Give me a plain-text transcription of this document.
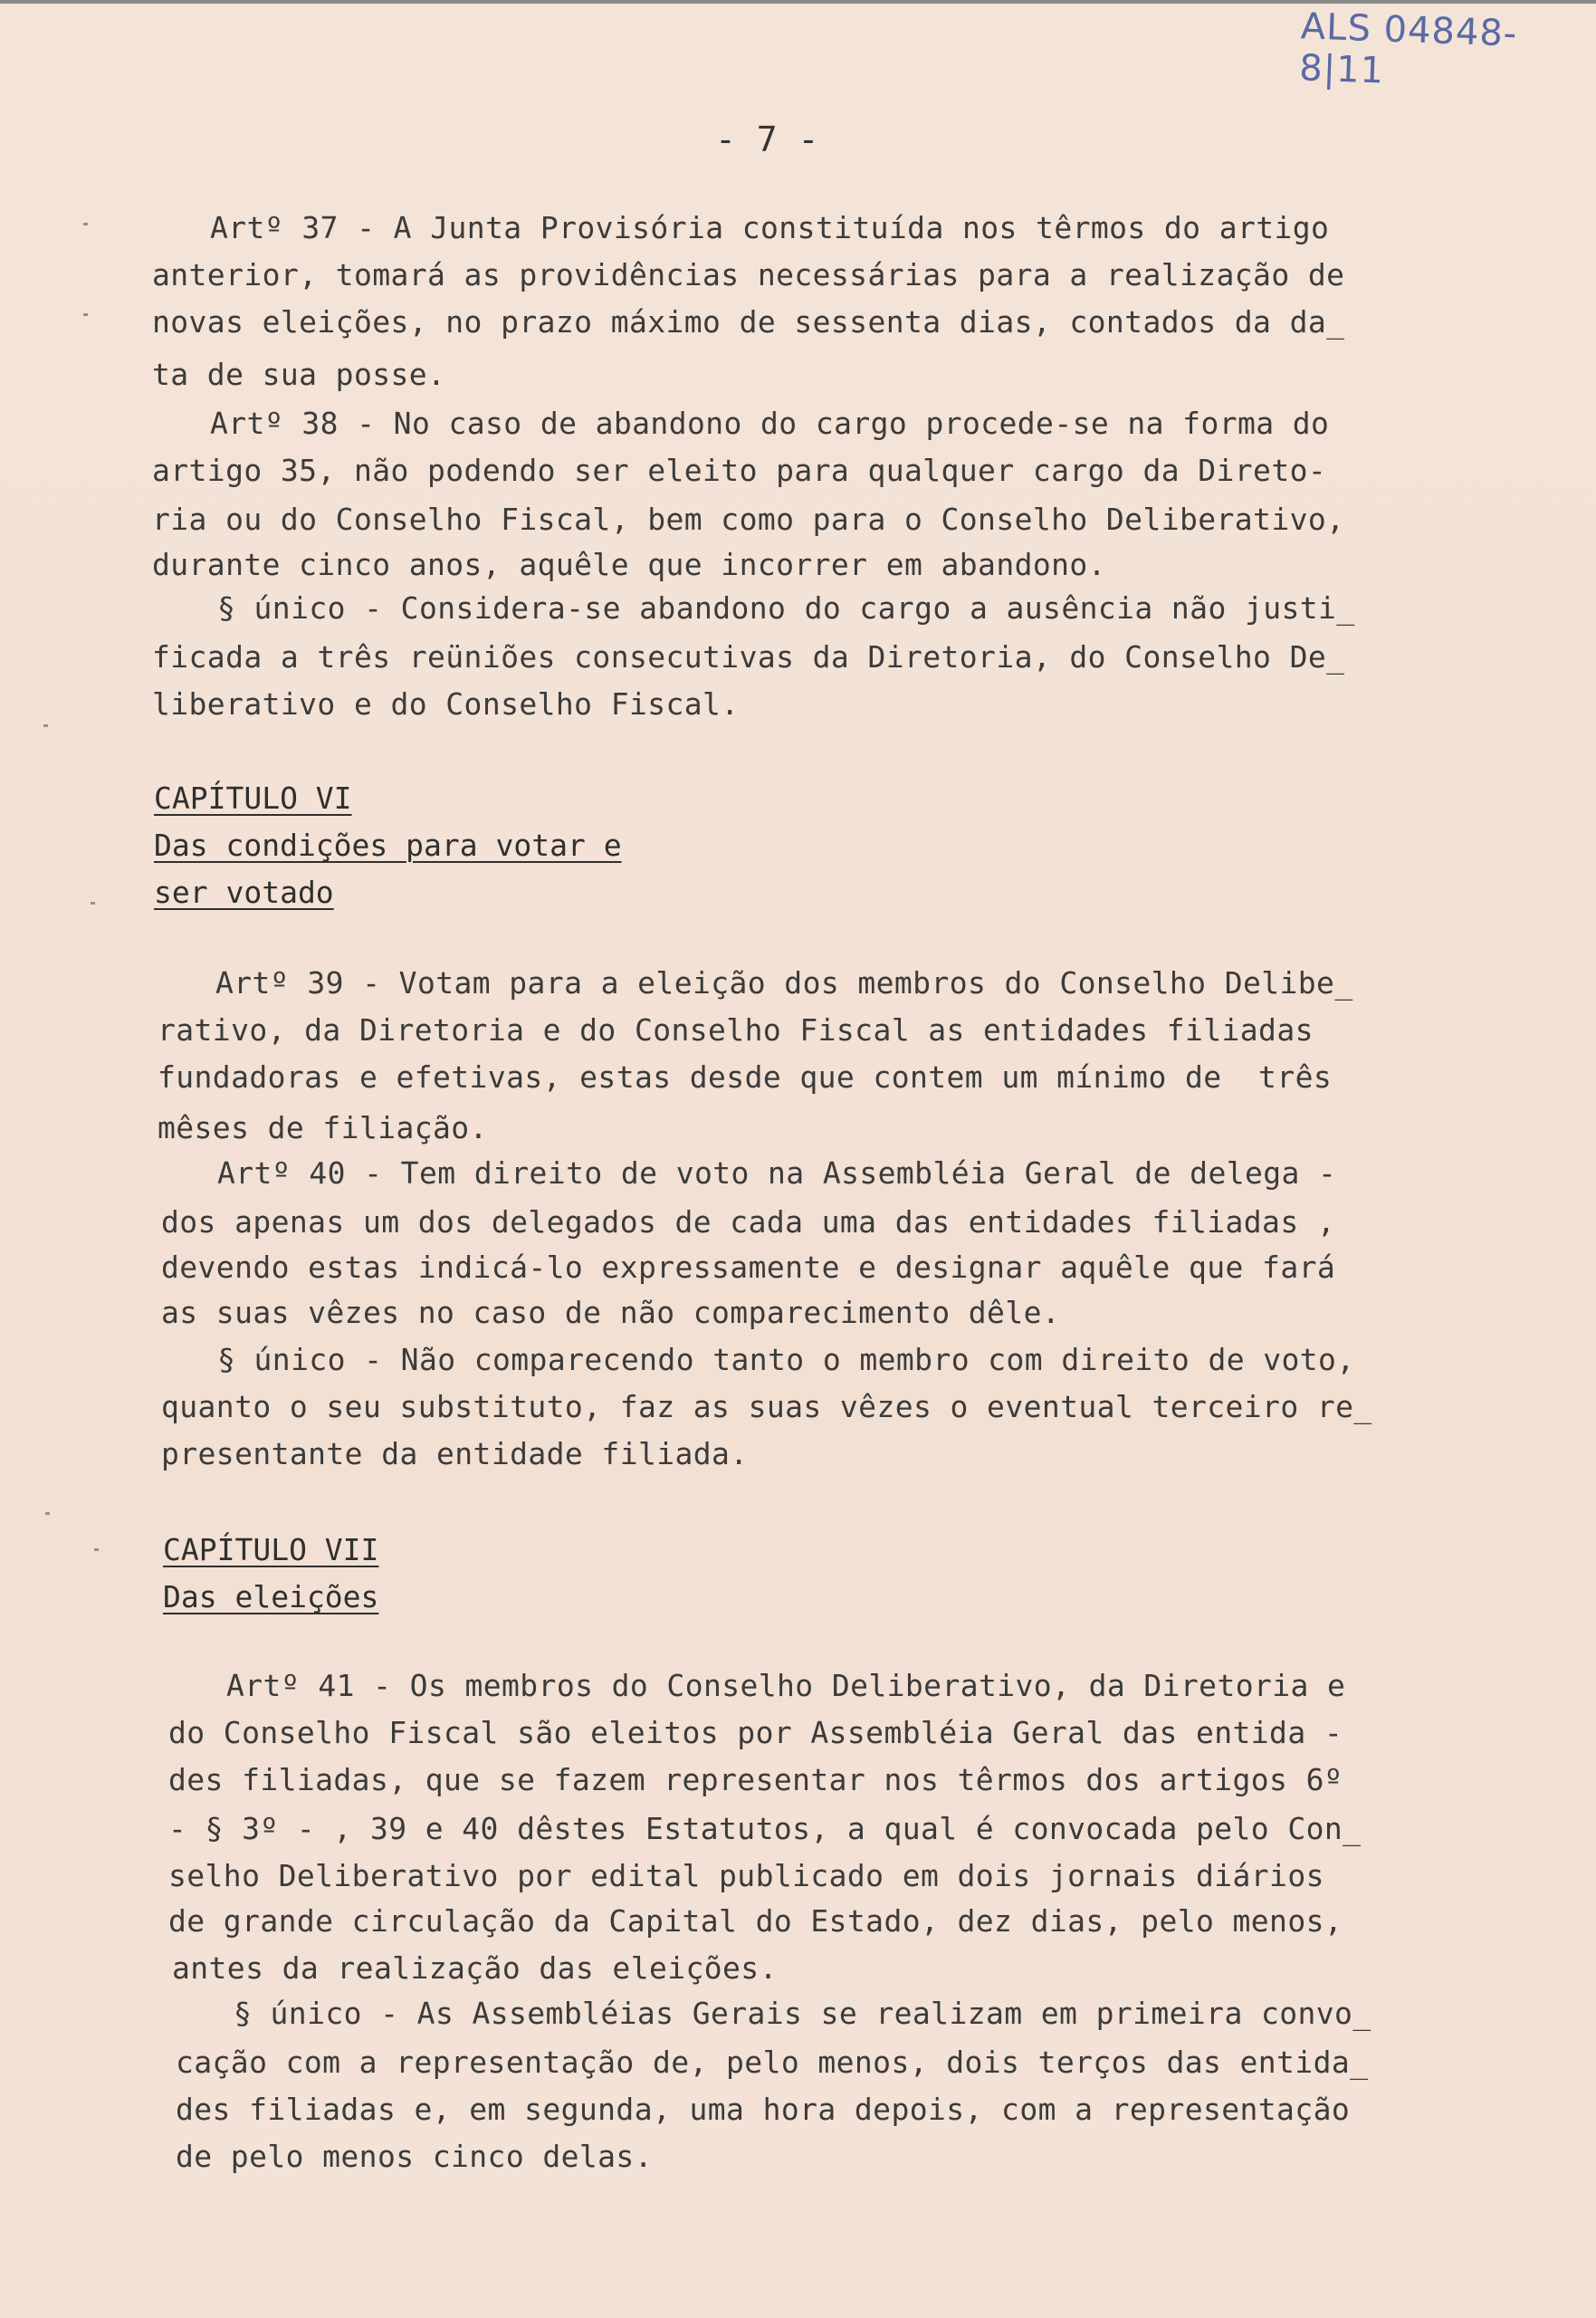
ALS 04848-8|11
- 7 -
Artº 37 - A Junta Provisória constituída nos têrmos do artigo
anterior, tomará as providências necessárias para a realização de
novas eleições, no prazo máximo de sessenta dias, contados da da_
ta de sua posse.
Artº 38 - No caso de abandono do cargo procede-se na forma do
artigo 35, não podendo ser eleito para qualquer cargo da Direto-
ria ou do Conselho Fiscal, bem como para o Conselho Deliberativo,
durante cinco anos, aquêle que incorrer em abandono.
§ único - Considera-se abandono do cargo a ausência não justi_
ficada a três reüniões consecutivas da Diretoria, do Conselho De_
liberativo e do Conselho Fiscal.
CAPÍTULO VI
Das condições para votar e
ser votado
Artº 39 - Votam para a eleição dos membros do Conselho Delibe_
rativo, da Diretoria e do Conselho Fiscal as entidades filiadas
fundadoras e efetivas, estas desde que contem um mínimo de  três
mêses de filiação.
Artº 40 - Tem direito de voto na Assembléia Geral de delega -
dos apenas um dos delegados de cada uma das entidades filiadas ,
devendo estas indicá-lo expressamente e designar aquêle que fará
as suas vêzes no caso de não comparecimento dêle.
§ único - Não comparecendo tanto o membro com direito de voto,
quanto o seu substituto, faz as suas vêzes o eventual terceiro re_
presentante da entidade filiada.
CAPÍTULO VII
Das eleições
Artº 41 - Os membros do Conselho Deliberativo, da Diretoria e
do Conselho Fiscal são eleitos por Assembléia Geral das entida -
des filiadas, que se fazem representar nos têrmos dos artigos 6º
- § 3º - , 39 e 40 dêstes Estatutos, a qual é convocada pelo Con_
selho Deliberativo por edital publicado em dois jornais diários
de grande circulação da Capital do Estado, dez dias, pelo menos,
antes da realização das eleições.
§ único - As Assembléias Gerais se realizam em primeira convo_
cação com a representação de, pelo menos, dois terços das entida_
des filiadas e, em segunda, uma hora depois, com a representação
de pelo menos cinco delas.
